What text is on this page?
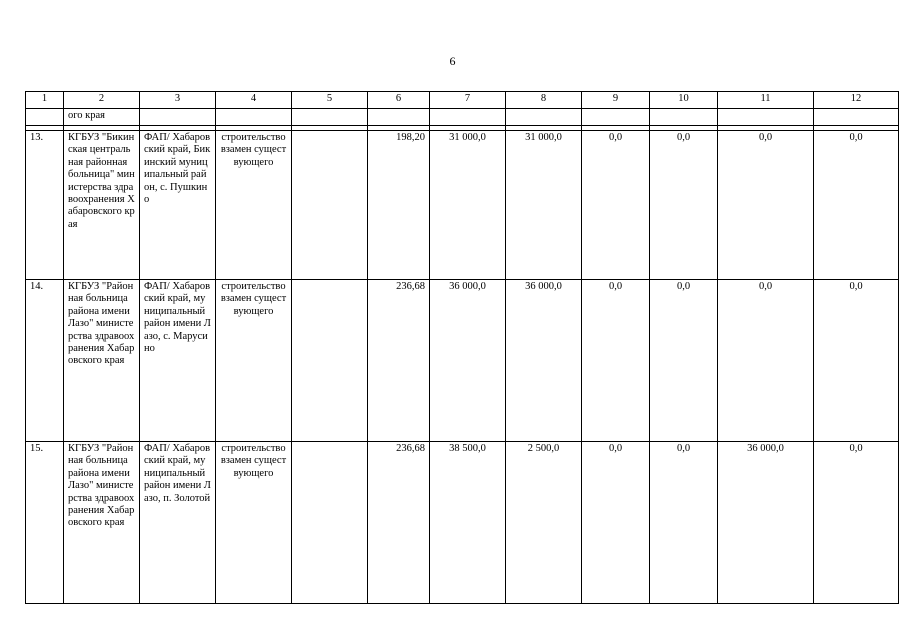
6
1	2	3	4	5	6	7	8	9	10	11	12
	ого края										

13.	КГБУЗ "Бикинская центральная районная больница" министерства здравоохранения Хабаровского края	ФАП/ Хабаровский край, Бикинский муниципальный район, с. Пушкино	строительство взамен существующего		198,20	31 000,0	31 000,0	0,0	0,0	0,0	0,0
14.	КГБУЗ "Районная больница района имени Лазо" министерства здравоохранения Хабаровского края	ФАП/ Хабаровский край, муниципальный район имени Лазо, с. Марусино	строительство взамен существующего		236,68	36 000,0	36 000,0	0,0	0,0	0,0	0,0
15.	КГБУЗ "Районная больница района имени Лазо" министерства здравоохранения Хабаровского края	ФАП/ Хабаровский край, муниципальный район имени Лазо, п. Золотой	строительство взамен существующего		236,68	38 500,0	2 500,0	0,0	0,0	36 000,0	0,0
